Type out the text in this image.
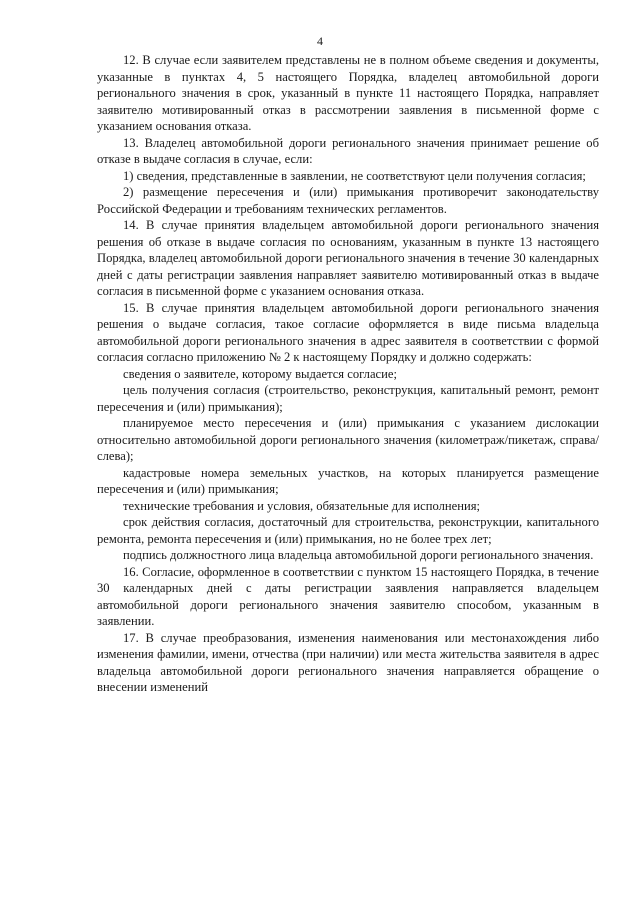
4

12. В случае если заявителем представлены не в полном объеме сведения и документы, указанные в пунктах 4, 5 настоящего Порядка, владелец автомобильной дороги регионального значения в срок, указанный в пункте 11 настоящего Порядка, направляет заявителю мотивированный отказ в рассмотрении заявления в письменной форме с указанием основания отказа.

13. Владелец автомобильной дороги регионального значения принимает решение об отказе в выдаче согласия в случае, если:

1) сведения, представленные в заявлении, не соответствуют цели получения согласия;

2) размещение пересечения и (или) примыкания противоречит законодательству Российской Федерации и требованиям технических регламентов.

14. В случае принятия владельцем автомобильной дороги регионального значения решения об отказе в выдаче согласия по основаниям, указанным в пункте 13 настоящего Порядка, владелец автомобильной дороги регионального значения в течение 30 календарных дней с даты регистрации заявления направляет заявителю мотивированный отказ в выдаче согласия в письменной форме с указанием основания отказа.

15. В случае принятия владельцем автомобильной дороги регионального значения решения о выдаче согласия, такое согласие оформляется в виде письма владельца автомобильной дороги регионального значения в адрес заявителя в соответствии с формой согласия согласно приложению № 2 к настоящему Порядку и должно содержать:

сведения о заявителе, которому выдается согласие;

цель получения согласия (строительство, реконструкция, капитальный ремонт, ремонт пересечения и (или) примыкания);

планируемое место пересечения и (или) примыкания с указанием дислокации относительно автомобильной дороги регионального значения (километраж/пикетаж, справа/слева);

кадастровые номера земельных участков, на которых планируется размещение пересечения и (или) примыкания;

технические требования и условия, обязательные для исполнения;

срок действия согласия, достаточный для строительства, реконструкции, капитального ремонта, ремонта пересечения и (или) примыкания, но не более трех лет;

подпись должностного лица владельца автомобильной дороги регионального значения.

16. Согласие, оформленное в соответствии с пунктом 15 настоящего Порядка, в течение 30 календарных дней с даты регистрации заявления направляется владельцем автомобильной дороги регионального значения заявителю способом, указанным в заявлении.

17. В случае преобразования, изменения наименования или местонахождения либо изменения фамилии, имени, отчества (при наличии) или места жительства заявителя в адрес владельца автомобильной дороги регионального значения направляется обращение о внесении изменений
